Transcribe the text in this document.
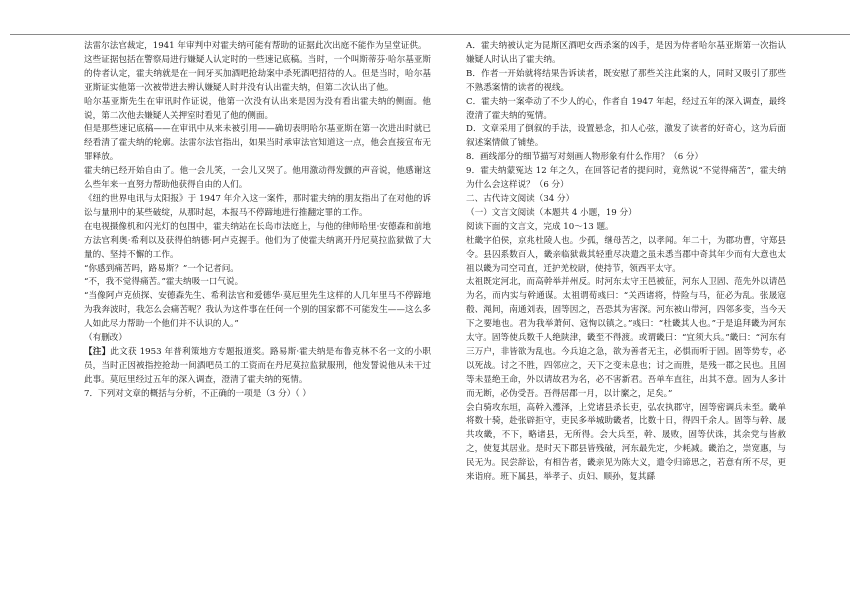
法雷尔法官裁定，1941 年审判中对霍夫纳可能有帮助的证据此次出庭不能作为呈堂证供。

这些证据包括在警察局进行嫌疑人认定时的一些速记底稿。当时，一个叫斯蒂芬·哈尔基亚斯的侍者认定，霍夫纳就是在一间牙买加酒吧抢劫案中杀死酒吧招待的人。但是当时，哈尔基亚斯证实他第一次被带进去辨认嫌疑人时并没有认出霍夫纳，但第二次认出了他。

哈尔基亚斯先生在审讯时作证说，他第一次没有认出来是因为没有看出霍夫纳的侧面。他说，第二次他去嫌疑人关押室时看见了他的侧面。

但是那些速记底稿——在审讯中从来未被引用——确切表明哈尔基亚斯在第一次进出时就已经看清了霍夫纳的轮廓。法雷尔法官指出，如果当时承审法官知道这一点，他会直接宣布无罪释放。

霍夫纳已经开始自由了。他一会儿笑，一会儿又哭了。他用激动得发颤的声音说，他感谢这么些年来一直努力帮助他获得自由的人们。

《纽约世界电讯与太阳报》于 1947 年介入这一案件，那时霍夫纳的朋友指出了在对他的诉讼与量刑中的某些破绽，从那时起，本报马不停蹄地进行推翻定罪的工作。

在电视摄像机和闪光灯的包围中，霍夫纳站在长岛市法庭上，与他的律师哈里·安德森和前地方法官利奥·希利以及获得伯纳德·阿卢克握手。他们为了使霍夫纳离开丹尼莫拉监狱做了大量的、坚持不懈的工作。

“你感到痛苦吗，路易斯？”一个记者问。

“不，我不觉得痛苦。”霍夫纳吸一口气说。

“当像阿卢克侦探、安德森先生、希利法官和爱德华·莫厄里先生这样的人几年里马不停蹄地为我奔波时，我怎么会痛苦呢？我认为这件事在任何一个别的国家都不可能发生——这么多人如此尽力帮助一个他们并不认识的人。”

（有删改）

【注】此文获 1953 年普利策地方专题报道奖。路易斯·霍夫纳是布鲁克林不名一文的小职员，当时正因被指控抢劫一间酒吧员工的工资而在丹尼莫拉监狱服刑，他发誓说他从未干过此事。莫厄里经过五年的深入调查，澄清了霍夫纳的冤情。

7．下列对文章的概括与分析，不正确的一项是（3 分）（ ）

A．霍夫纳被认定为昆斯区酒吧女西杀案的凶手，是因为侍者哈尔基亚斯第一次指认嫌疑人时认出了霍夫纳。

B．作者一开始就将结果告诉读者，既安慰了那些关注此案的人，同时又吸引了那些不熟悉案情的读者的视线。

C．霍夫纳一案牵动了不少人的心，作者自 1947 年起，经过五年的深入调查，最终澄清了霍夫纳的冤情。

D．文章采用了倒叙的手法，设置悬念，扣人心弦，激发了读者的好奇心，这为后面叙述案情做了铺垫。

8．画线部分的细节描写对刻画人物形象有什么作用？（6 分）

9．霍夫纳蒙冤达 12 年之久，在回答记者的提问时，竟然说“不觉得痛苦”，霍夫纳为什么会这样说？（6 分）

二、古代诗文阅读（34 分）

（一）文言文阅读（本题共 4 小题，19 分）

阅读下面的文言文，完成 10～13 题。

杜畿字伯侯，京兆杜陵人也。少孤，继母苦之，以孝闻。年二十，为郡功曹，守郑县令。县囚系数百人，畿亲临狱裁其轻重尽决遣之虽未悉当郡中奇其年少而有大意也太祖以畿为司空司直，迁护羌校尉，使持节，领西平太守。

太祖既定河北，而高幹举并州反。时河东太守王邑被征，河东人卫固、范先外以请邑为名，而内实与幹通谋。太祖谓荀彧曰：“关西诸将，恃险与马，征必为乱。张晟寇殽、渑间，南通刘表，固等因之，吾恐其为害深。河东被山带河，四邻多变，当今天下之要地也。君为我举萧何、寇恂以镇之。”彧曰：“杜畿其人也。”于是追拜畿为河东太守。固等使兵数千人绝陕津，畿至不得渡。或谓畿曰：“宜须大兵。”畿曰：“河东有三万户，非皆欲为乱也。今兵迫之急，欲为善者无主，必惧而听于固。固等势专，必以死战。讨之不胜，四邻应之，天下之变未息也；讨之而胜，是残一郡之民也。且固等未显绝王命，外以请故君为名，必不害新君。吾单车直往，出其不意。固为人多计而无断，必伪受吾。吾得居郡一月，以计縻之，足矣。”

会白骑攻东垣，高幹入濩泽，上党诸县杀长吏，弘农执郡守，固等密调兵未至。畿单将数十骑，赴张辟拒守，吏民多举城助畿者，比数十日，得四千余人。固等与幹、晟共攻畿，不下，略诸县，无所得。会大兵至，幹、晟败，固等伏诛，其余党与皆赦之，使复其居业。是时天下郡县皆残破，河东最先定，少耗减。畿治之，崇宽惠，与民无为。民尝辞讼，有相告者，畿亲见为陈大义，遣令归谛思之，若意有所不尽，更来诣府。班下属县，举孝子、贞妇、顺孙，复其繇
